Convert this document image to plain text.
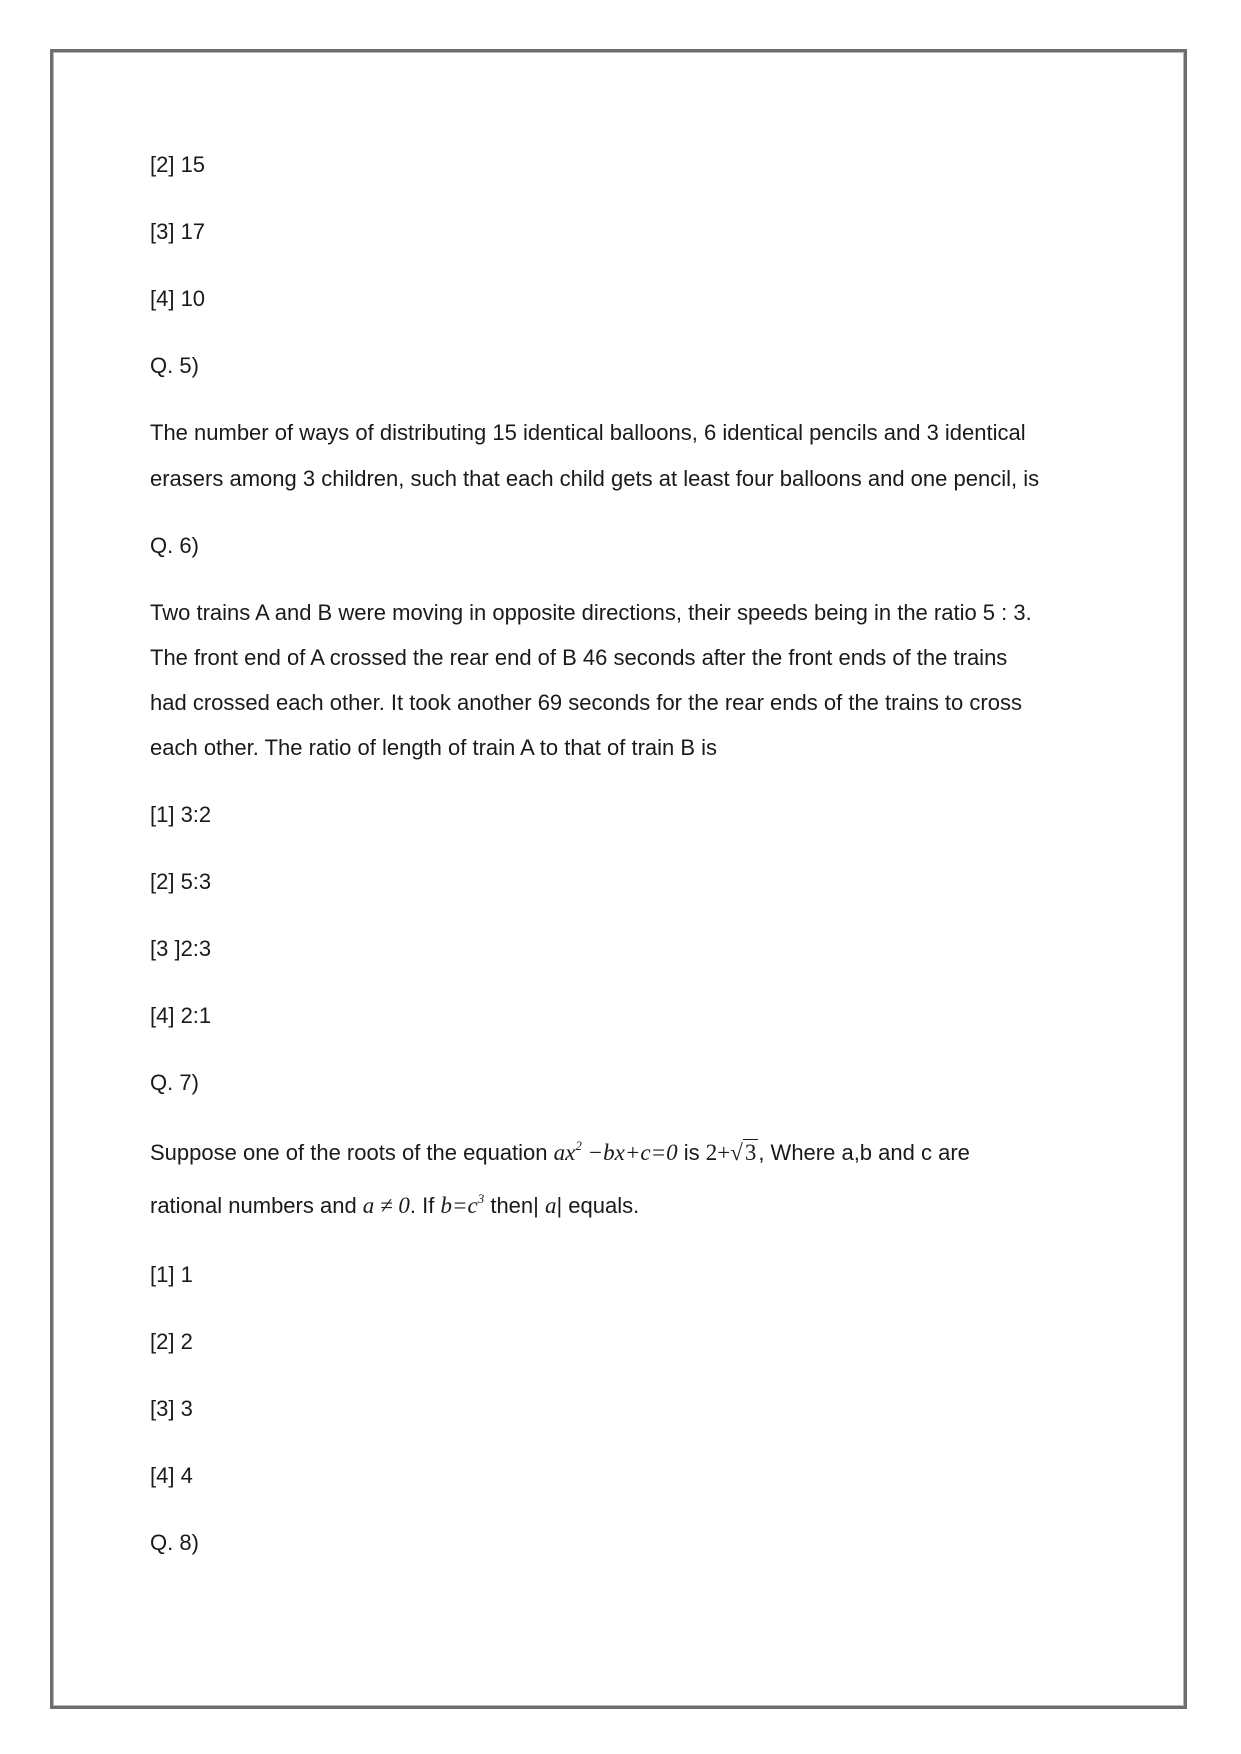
[2] 15
[3] 17
[4] 10
Q. 5)
The number of ways of distributing 15 identical balloons, 6 identical pencils and 3 identical
erasers among 3 children, such that each child gets at least four balloons and one pencil, is
Q. 6)
Two trains A and B were moving in opposite directions, their speeds being in the ratio 5 : 3.
The front end of A crossed the rear end of B 46 seconds after the front ends of the trains
had crossed each other. It took another 69 seconds for the rear ends of the trains to cross
each other. The ratio of length of train A to that of train B is
[1] 3:2
[2] 5:3
[3 ]2:3
[4] 2:1
Q. 7)
Suppose one of the roots of the equation $ax^2 -bx+c=0$ is 2+√3, Where a,b and c are
rational numbers and a ≠ 0. If $b=c^3$ then| a| equals.
[1] 1
[2] 2
[3] 3
[4] 4
Q. 8)
